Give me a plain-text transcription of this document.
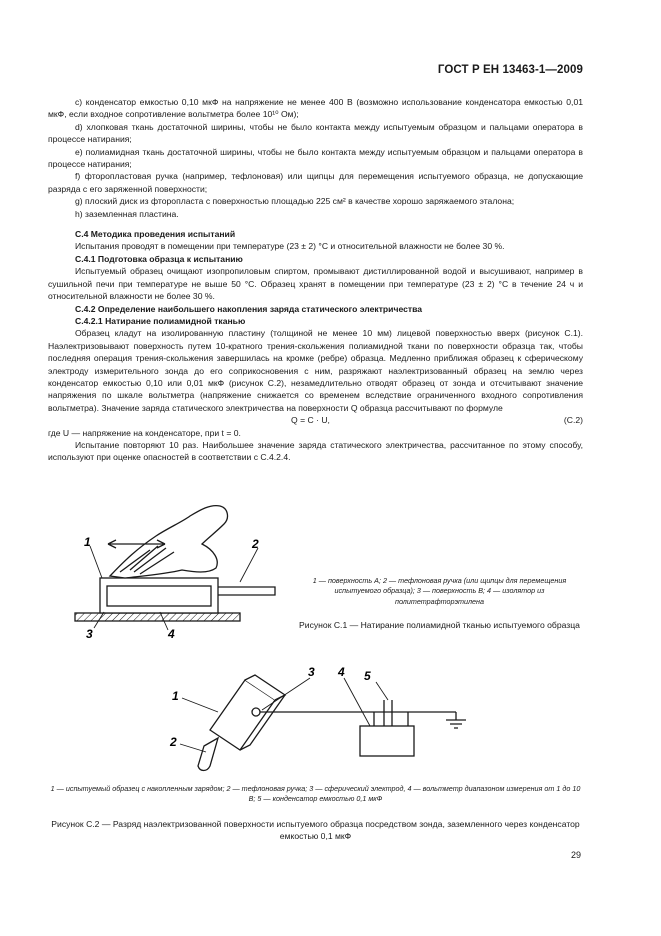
ГОСТ Р ЕН 13463-1—2009

c) конденсатор емкостью 0,10 мкФ на напряжение не менее 400 В (возможно использование конденсатора емкостью 0,01 мкФ, если входное сопротивление вольтметра более 10¹⁰ Ом);

d) хлопковая ткань достаточной ширины, чтобы не было контакта между испытуемым образцом и пальцами оператора в процессе натирания;

e) полиамидная ткань достаточной ширины, чтобы не было контакта между испытуемым образцом и пальцами оператора в процессе натирания;

f) фторопластовая ручка (например, тефлоновая) или щипцы для перемещения испытуемого образца, не допускающие разряда с его заряженной поверхности;

g) плоский диск из фторопласта с поверхностью площадью 225 см² в качестве хорошо заряжаемого эталона;

h) заземленная пластина.

С.4 Методика проведения испытаний

Испытания проводят в помещении при температуре (23 ± 2) °С и относительной влажности не более 30 %.

С.4.1 Подготовка образца к испытанию

Испытуемый образец очищают изопропиловым спиртом, промывают дистиллированной водой и высушивают, например в сушильной печи при температуре не выше 50 °С. Образец хранят в помещении при температуре (23 ± 2) °С в течение 24 ч и относительной влажности не более 30 %.

С.4.2 Определение наибольшего накопления заряда статического электричества

С.4.2.1 Натирание полиамидной тканью

Образец кладут на изолированную пластину (толщиной не менее 10 мм) лицевой поверхностью вверх (рисунок С.1). Наэлектризовывают поверхность путем 10-кратного трения-скольжения полиамидной ткани по поверхности образца так, чтобы последняя операция трения-скольжения завершилась на кромке (ребре) образца. Медленно приближая образец к сферическому электроду измерительного зонда до его соприкосновения с ним, разряжают наэлектризованный образец на землю через конденсатор емкостью 0,10 или 0,01 мкФ (рисунок С.2), незамедлительно отводят образец от зонда и отсчитывают значение напряжения по шкале вольтметра (напряжение снижается со временем вследствие ограниченного входного сопротивления вольтметра). Значение заряда статического электричества на поверхности Q образца рассчитывают по формуле

Q = C · U,	(С.2)

где U — напряжение на конденсаторе, при t = 0.

Испытание повторяют 10 раз. Наибольшее значение заряда статического электричества, рассчитанное по этому способу, используют при оценке опасностей в соответствии с С.4.2.4.

1	2
3	4
1 — поверхность А; 2 — тефлоновая ручка (или щипцы для перемещения испытуемого образца); 3 — поверхность В; 4 — изолятор из политетрафторэтилена
Рисунок С.1 — Натирание полиамидной тканью испытуемого образца
1
2
3 4 5
1 — испытуемый образец с накопленным зарядом; 2 — тефлоновая ручка; 3 — сферический электрод, 4 — вольтметр диапазоном измерения от 1 до 10 В; 5 — конденсатор емкостью 0,1 мкФ
Рисунок С.2 — Разряд наэлектризованной поверхности испытуемого образца посредством зонда, заземленного через конденсатор емкостью 0,1 мкФ
29
